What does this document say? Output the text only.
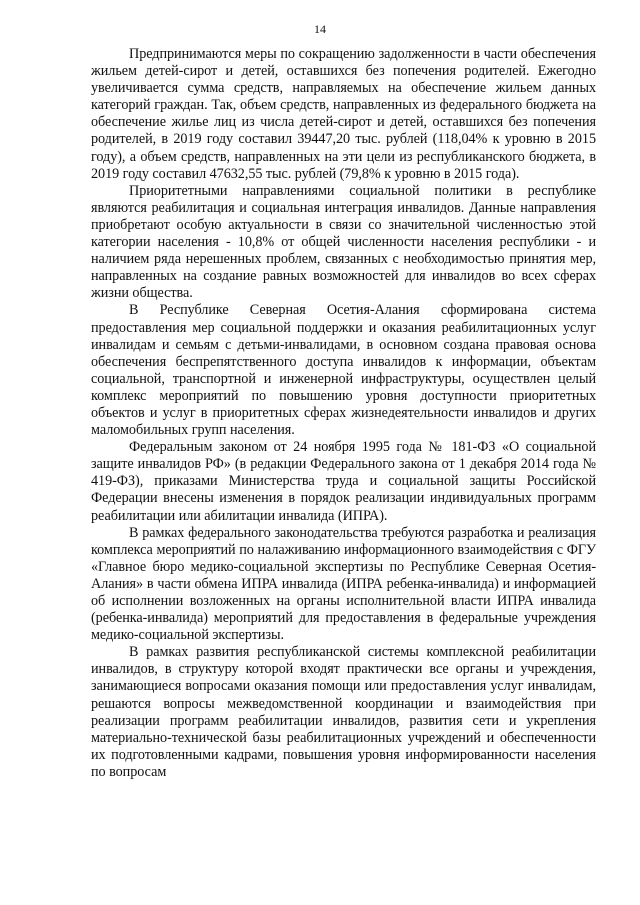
14

Предпринимаются меры по сокращению задолженности в части обеспечения жильем детей-сирот и детей, оставшихся без попечения родителей. Ежегодно увеличивается сумма средств, направляемых на обеспечение жильем данных категорий граждан. Так, объем средств, направленных из федерального бюджета на обеспечение жилье лиц из числа детей-сирот и детей, оставшихся без попечения родителей, в 2019 году составил 39447,20 тыс. рублей (118,04% к уровню в 2015 году), а объем средств, направленных на эти цели из республиканского бюджета, в 2019 году составил 47632,55 тыс. рублей (79,8% к уровню в 2015 года).

Приоритетными направлениями социальной политики в республике являются реабилитация и социальная интеграция инвалидов. Данные направления приобретают особую актуальности в связи со значительной численностью этой категории населения - 10,8% от общей численности населения республики - и наличием ряда нерешенных проблем, связанных с необходимостью принятия мер, направленных на создание равных возможностей для инвалидов во всех сферах жизни общества.

В Республике Северная Осетия-Алания сформирована система предоставления мер социальной поддержки и оказания реабилитационных услуг инвалидам и семьям с детьми-инвалидами, в основном создана правовая основа обеспечения беспрепятственного доступа инвалидов к информации, объектам социальной, транспортной и инженерной инфраструктуры, осуществлен целый комплекс мероприятий по повышению уровня доступности приоритетных объектов и услуг в приоритетных сферах жизнедеятельности инвалидов и других маломобильных групп населения.

Федеральным законом от 24 ноября 1995 года № 181-ФЗ «О социальной защите инвалидов РФ» (в редакции Федерального закона от 1 декабря 2014 года № 419-ФЗ), приказами Министерства труда и социальной защиты Российской Федерации внесены изменения в порядок реализации индивидуальных программ реабилитации или абилитации инвалида (ИПРА).

В рамках федерального законодательства требуются разработка и реализация комплекса мероприятий по налаживанию информационного взаимодействия с ФГУ «Главное бюро медико-социальной экспертизы по Республике Северная Осетия-Алания» в части обмена ИПРА инвалида (ИПРА ребенка-инвалида) и информацией об исполнении возложенных на органы исполнительной власти ИПРА инвалида (ребенка-инвалида) мероприятий для предоставления в федеральные учреждения медико-социальной экспертизы.

В рамках развития республиканской системы комплексной реабилитации инвалидов, в структуру которой входят практически все органы и учреждения, занимающиеся вопросами оказания помощи или предоставления услуг инвалидам, решаются вопросы межведомственной координации и взаимодействия при реализации программ реабилитации инвалидов, развития сети и укрепления материально-технической базы реабилитационных учреждений и обеспеченности их подготовленными кадрами, повышения уровня информированности населения по вопросам
